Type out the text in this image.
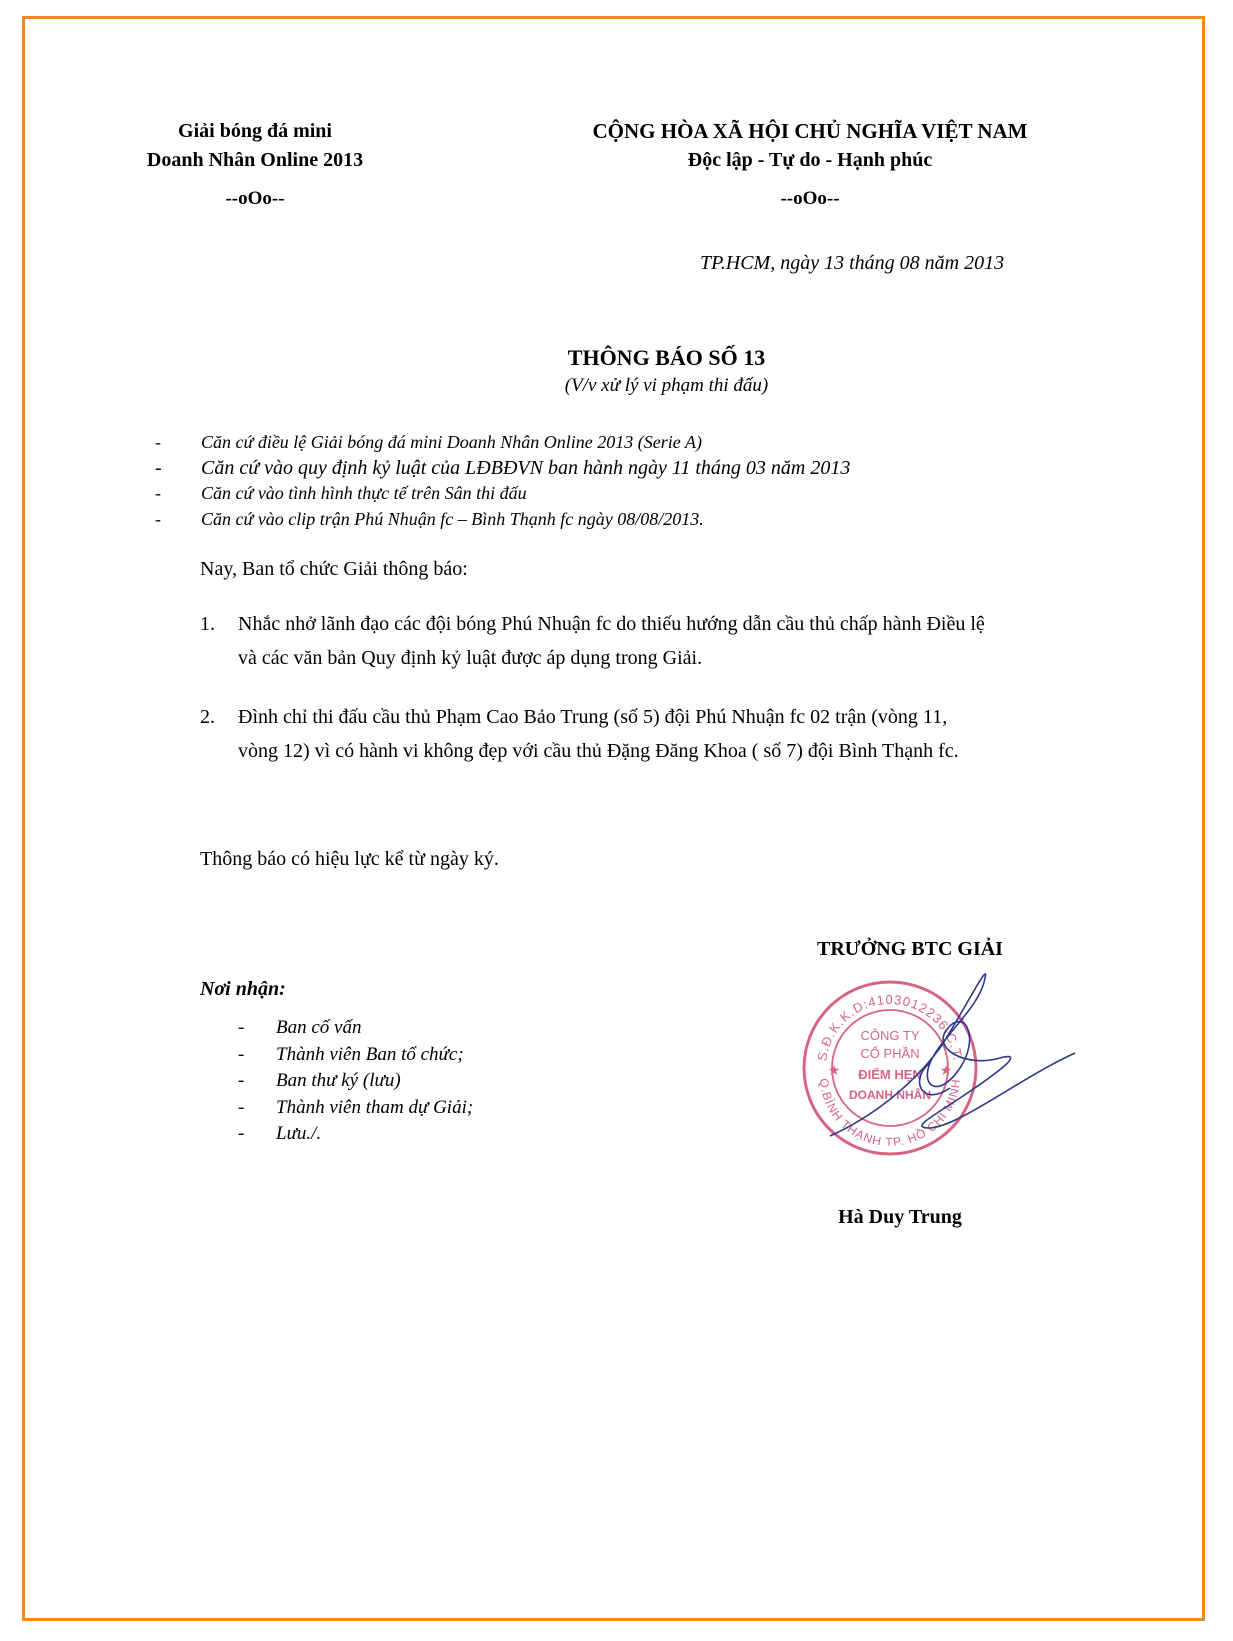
Giải bóng đá mini
Doanh Nhân Online 2013
--oOo--
CỘNG HÒA XÃ HỘI CHỦ NGHĨA VIỆT NAM
Độc lập - Tự do - Hạnh phúc
--oOo--
TP.HCM, ngày 13 tháng 08 năm 2013
THÔNG BÁO SỐ 13
(V/v xử lý vi phạm thi đấu)
- Căn cứ điều lệ Giải bóng đá mini Doanh Nhân Online 2013 (Serie A)
- Căn cứ vào quy định kỷ luật của LĐBĐVN ban hành ngày 11 tháng 03 năm 2013
- Căn cứ vào tình hình thực tế trên Sân thi đấu
- Căn cứ vào clip trận Phú Nhuận fc – Bình Thạnh fc ngày 08/08/2013.
Nay, Ban tổ chức Giải thông báo:
1. Nhắc nhở lãnh đạo các đội bóng Phú Nhuận fc do thiếu hướng dẫn cầu thủ chấp hành Điều lệ
và các văn bản Quy định kỷ luật được áp dụng trong Giải.
2. Đình chỉ thi đấu cầu thủ Phạm Cao Bảo Trung (số 5) đội Phú Nhuận fc 02 trận (vòng 11,
vòng 12) vì có hành vi không đẹp với cầu thủ Đặng Đăng Khoa ( số 7) đội Bình Thạnh fc.
Thông báo có hiệu lực kể từ ngày ký.
TRƯỞNG BTC GIẢI
Nơi nhận:
- Ban cố vấn
- Thành viên Ban tổ chức;
- Ban thư ký (lưu)
- Thành viên tham dự Giải;
- Lưu./.
S.Đ.K.K.D:4103012236-C.T.
Q.BÌNH THẠNH TP. HỒ CHÍ MINH
★	★
CÔNG TY
CỔ PHẦN
ĐIỂM HẸN
DOANH NHÂN
Hà Duy Trung
